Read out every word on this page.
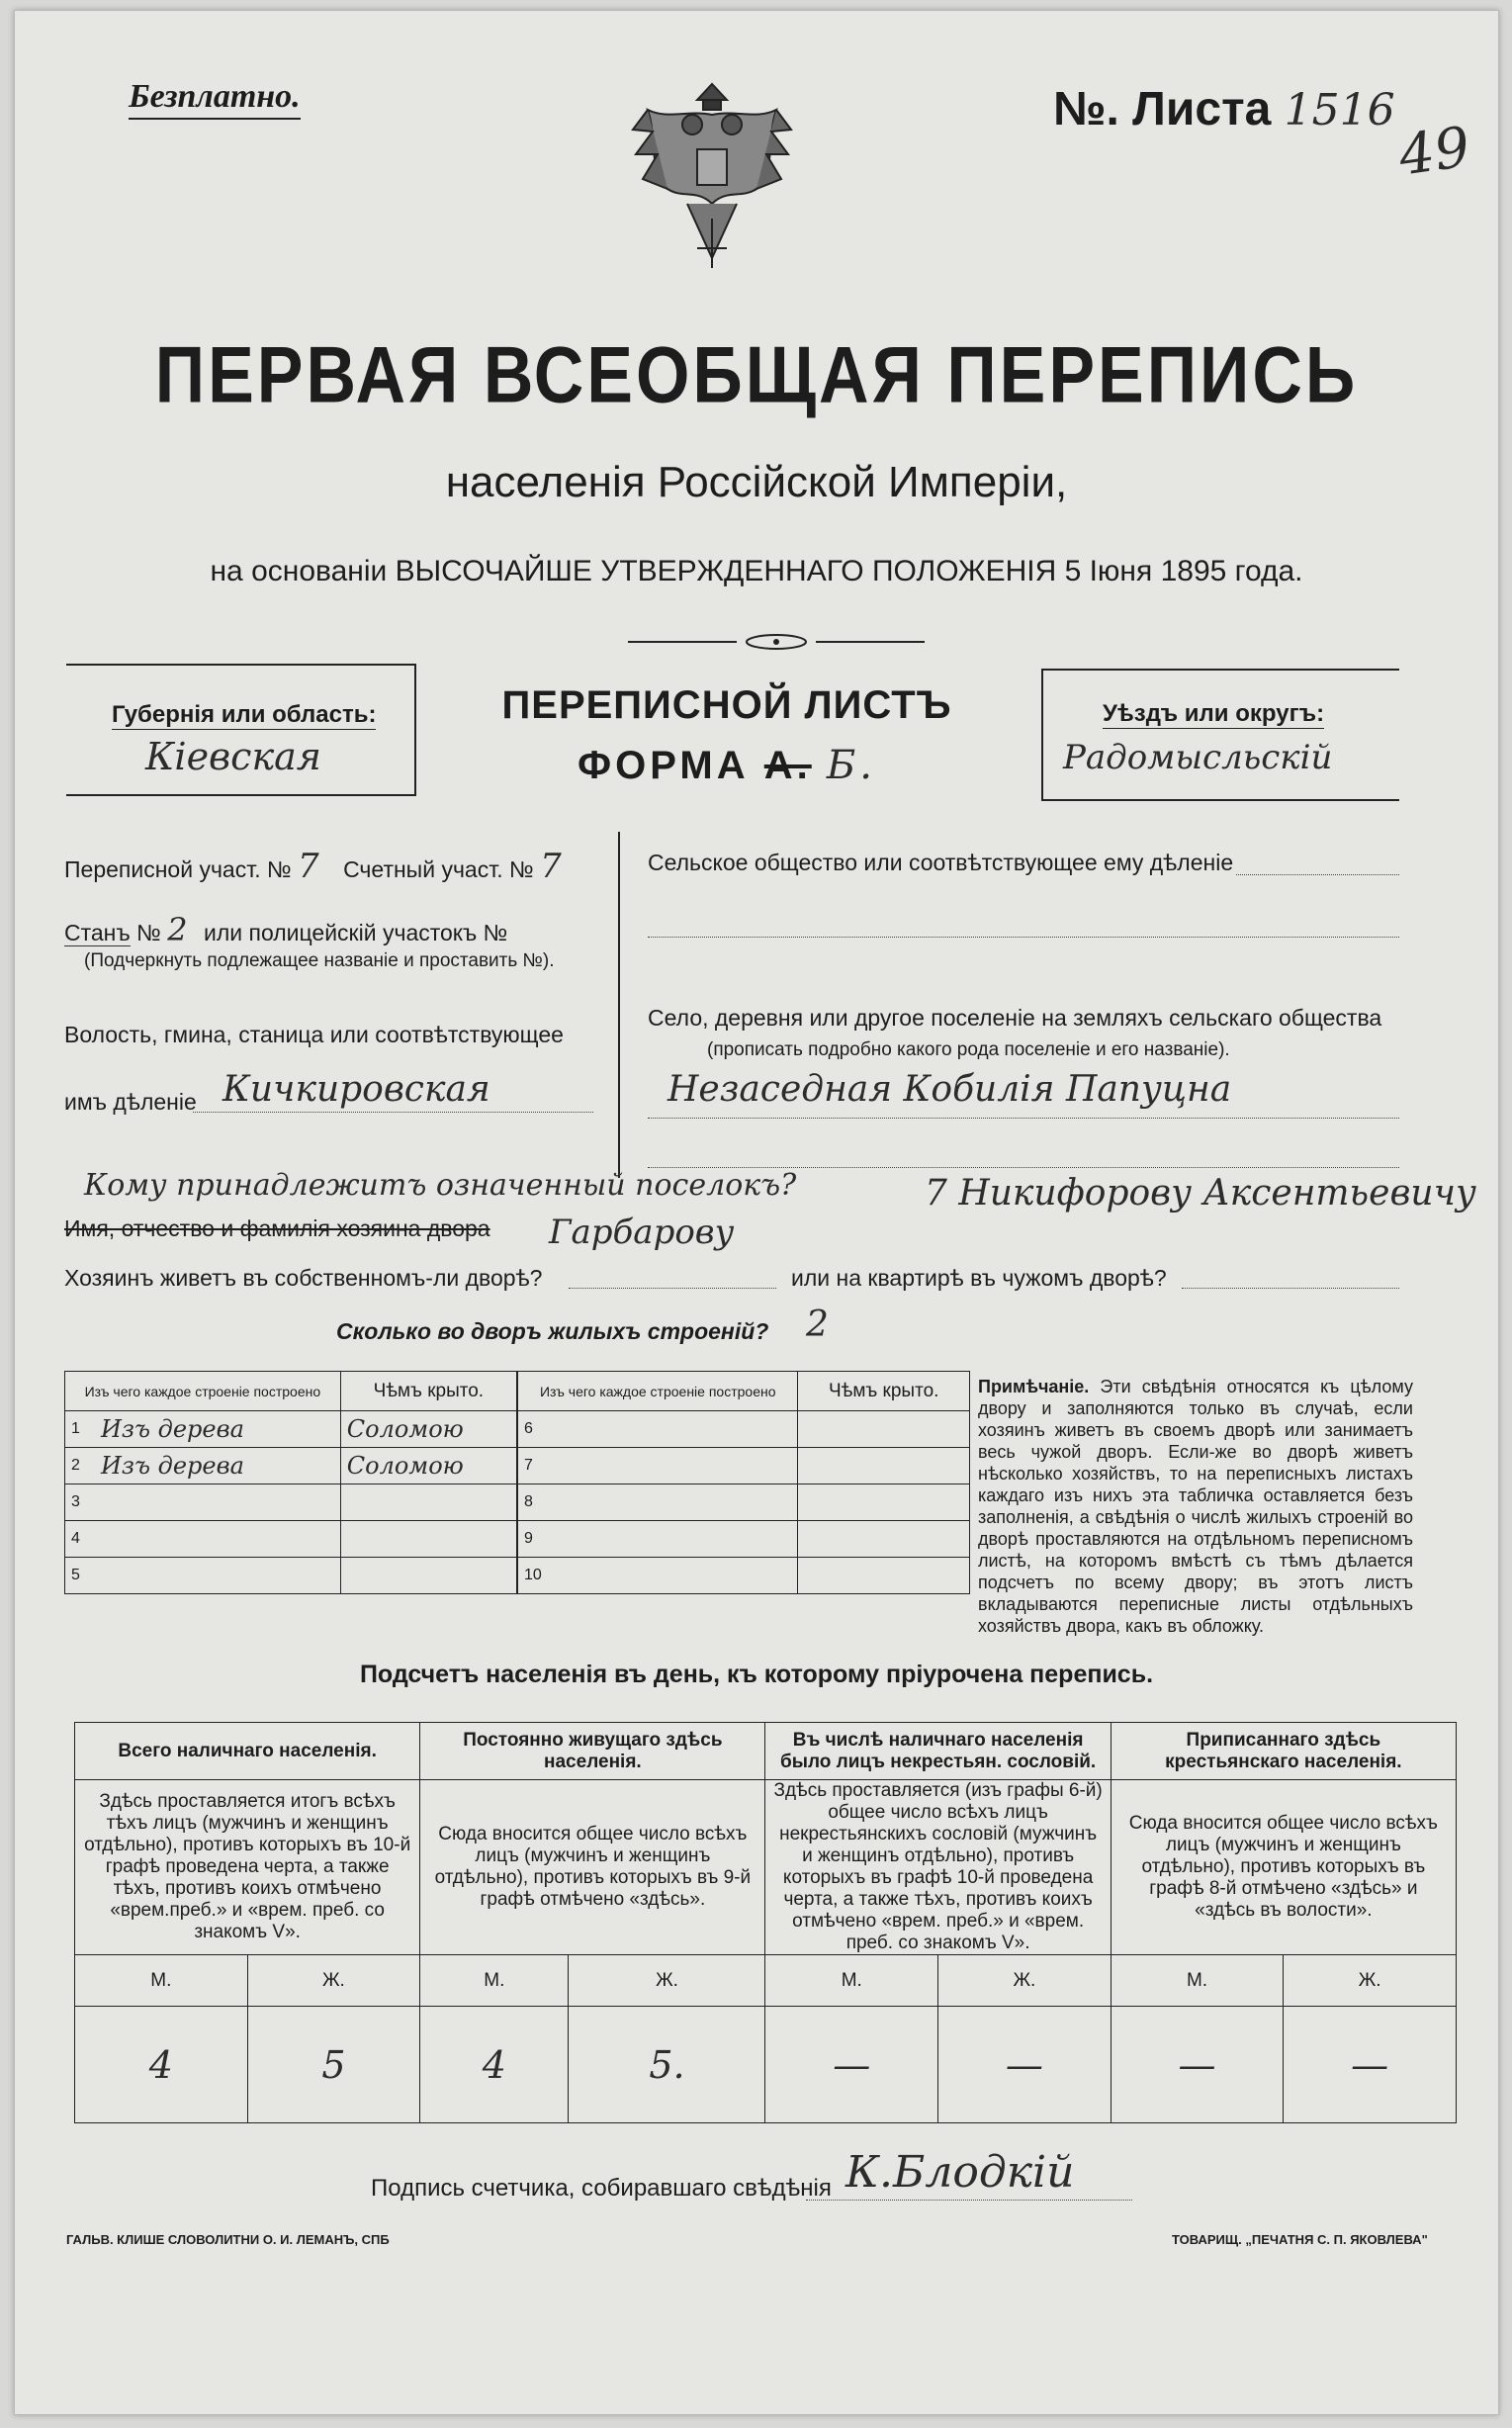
Безплатно.	№. Листа 1516
49
ПЕРВАЯ ВСЕОБЩАЯ ПЕРЕПИСЬ
населенія Россійской Имперіи,
на основаніи ВЫСОЧАЙШЕ УТВЕРЖДЕННАГО ПОЛОЖЕНІЯ 5 Іюня 1895 года.
Губернія или область:
Кіевская
ПЕРЕПИСНОЙ ЛИСТЪ
ФОРМА А. Б.
Уѣздъ или округъ:
Радомысльскій
Переписной участ. № 7 Счетный участ. № 7
Станъ № 2 или полицейскій участокъ №
(Подчеркнуть подлежащее названіе и проставить №).
Волость, гмина, станица или соотвѣтствующее
имъ дѣленіе Кичкировская
Сельское общество или соотвѣтствующее ему дѣленіе
Село, деревня или другое поселеніе на земляхъ сельскаго общества
(прописать подробно какого рода поселеніе и его названіе).
Незаседная Кобилія Папуцна
Кому принадлежитъ означенный поселокъ?
Имя, отчество и фамилія хозяина двора Гарбарову
7 Никифорову Аксентьевичу
Хозяинъ живетъ въ собственномъ-ли дворѣ?	или на квартирѣ въ чужомъ дворѣ?
Сколько во дворъ жилыхъ строеній? 2
Изъ чего каждое строеніе построено		Чѣмъ крыто.
1	Изъ дерева	Соломою
2	Изъ дерева	Соломою
3		
4		
5		
Изъ чего каждое строеніе построено		Чѣмъ крыто.
6		
7		
8		
9		
10		
Примѣчаніе. Эти свѣдѣнія относятся къ цѣлому двору и заполняются только въ случаѣ, если хозяинъ живетъ въ своемъ дворѣ или занимаетъ весь чужой дворъ. Если-же во дворѣ живетъ нѣсколько хозяйствъ, то на переписныхъ листахъ каждаго изъ нихъ эта табличка оставляется безъ заполненія, а свѣдѣнія о числѣ жилыхъ строеній во дворѣ проставляются на отдѣльномъ переписномъ листѣ, на которомъ вмѣстѣ съ тѣмъ дѣлается подсчетъ по всему двору; въ этотъ листъ вкладываются переписные листы отдѣльныхъ хозяйствъ двора, какъ въ обложку.
Подсчетъ населенія въ день, къ которому пріурочена перепись.
Всего наличнаго населенія.		Постоянно живущаго здѣсь населенія.		Въ числѣ наличнаго населенія было лицъ некрестьян. сословій.		Приписаннаго здѣсь крестьянскаго населенія.	
Здѣсь проставляется итогъ всѣхъ тѣхъ лицъ (мужчинъ и женщинъ отдѣльно), противъ которыхъ въ 10-й графѣ проведена черта, а также тѣхъ, противъ коихъ отмѣчено «врем.преб.» и «врем. преб. со знакомъ V».		Сюда вносится общее число всѣхъ лицъ (мужчинъ и женщинъ отдѣльно), противъ которыхъ въ 9-й графѣ отмѣчено «здѣсь».		Здѣсь проставляется (изъ графы 6-й) общее число всѣхъ лицъ некрестьянскихъ сословій (мужчинъ и женщинъ отдѣльно), противъ которыхъ въ графѣ 10-й проведена черта, а также тѣхъ, противъ коихъ отмѣчено «врем. преб.» и «врем. преб. со знакомъ V».		Сюда вносится общее число всѣхъ лицъ (мужчинъ и женщинъ отдѣльно), противъ которыхъ въ графѣ 8-й отмѣчено «здѣсь» и «здѣсь въ волости».	
М.	Ж.	М.	Ж.	М.	Ж.	М.	Ж.
4	5	4	5.	—	—	—	—
Подпись счетчика, собиравшаго свѣдѣнія К.Блодкій
ГАЛЬВ. КЛИШЕ СЛОВОЛИТНИ О. И. ЛЕМАНЪ, СПБ	ТОВАРИЩ. „ПЕЧАТНЯ С. П. ЯКОВЛЕВА"
